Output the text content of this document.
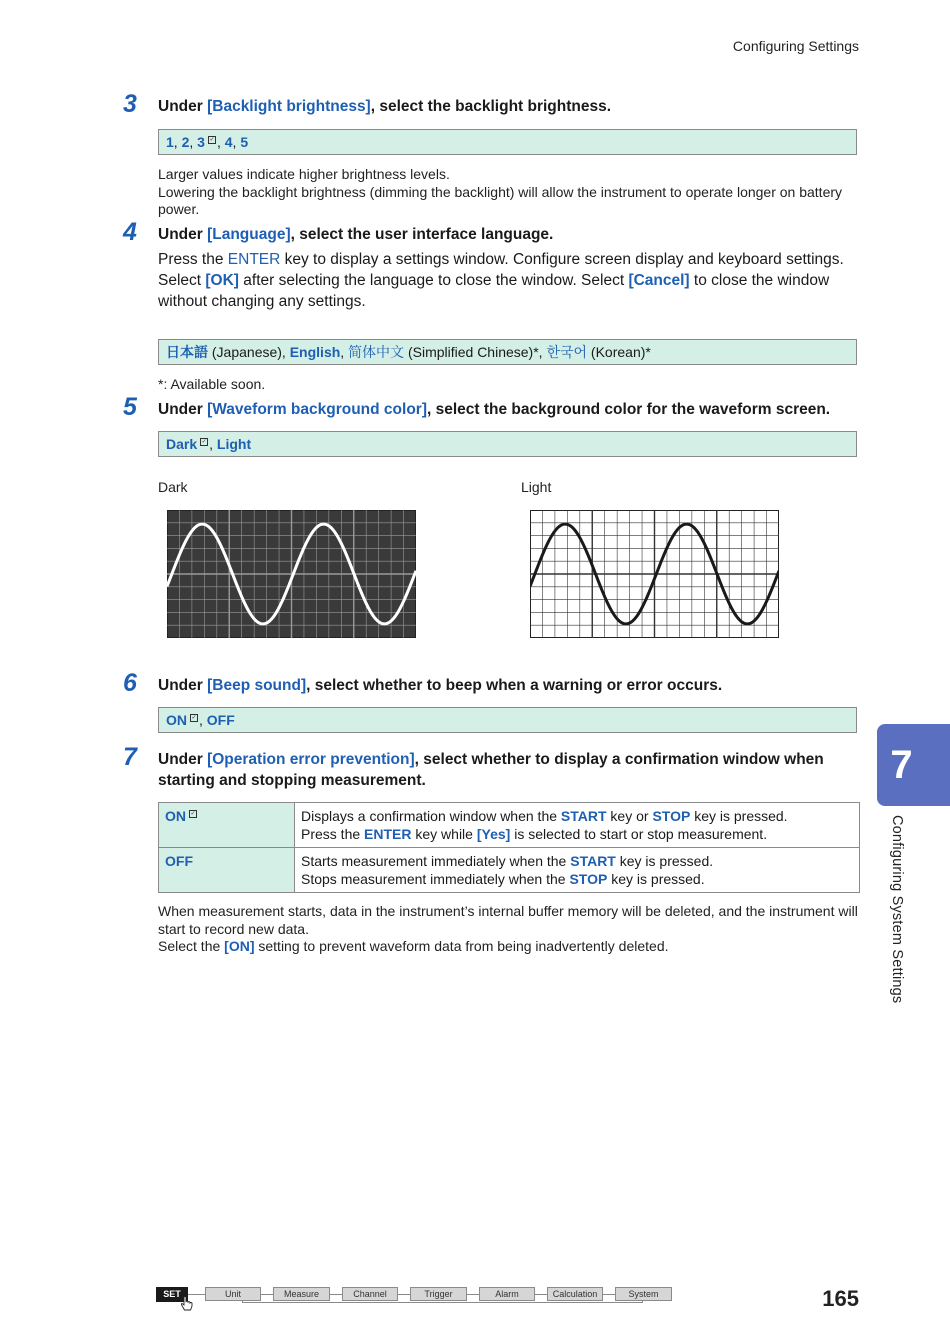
Configuring Settings
3 Under [Backlight brightness], select the backlight brightness.
1, 2, 3 ✓ , 4, 5
Larger values indicate higher brightness levels.
Lowering the backlight brightness (dimming the backlight) will allow the instrument to operate longer on battery power.
4 Under [Language], select the user interface language.
Press the ENTER key to display a settings window. Configure screen display and keyboard settings.
Select [OK] after selecting the language to close the window. Select [Cancel] to close the window without changing any settings.
日本語 (Japanese), English, 简体中文 (Simplified Chinese)*, 한국어 (Korean)*
*: Available soon.
5 Under [Waveform background color], select the background color for the waveform screen.
Dark ✓ , Light
Dark	Light
6 Under [Beep sound], select whether to beep when a warning or error occurs.
ON ✓ , OFF
7 Under [Operation error prevention], select whether to display a confirmation window when starting and stopping measurement.
ON ✓	Displays a confirmation window when the START key or STOP key is pressed.
Press the ENTER key while [Yes] is selected to start or stop measurement.

OFF	Starts measurement immediately when the START key is pressed.
Stops measurement immediately when the STOP key is pressed.
When measurement starts, data in the instrument’s internal buffer memory will be deleted, and the instrument will start to record new data.
Select the [ON] setting to prevent waveform data from being inadvertently deleted.
7
Configuring System Settings
SET	Unit	Measure	Channel	Trigger	Alarm	Calculation	System	165
